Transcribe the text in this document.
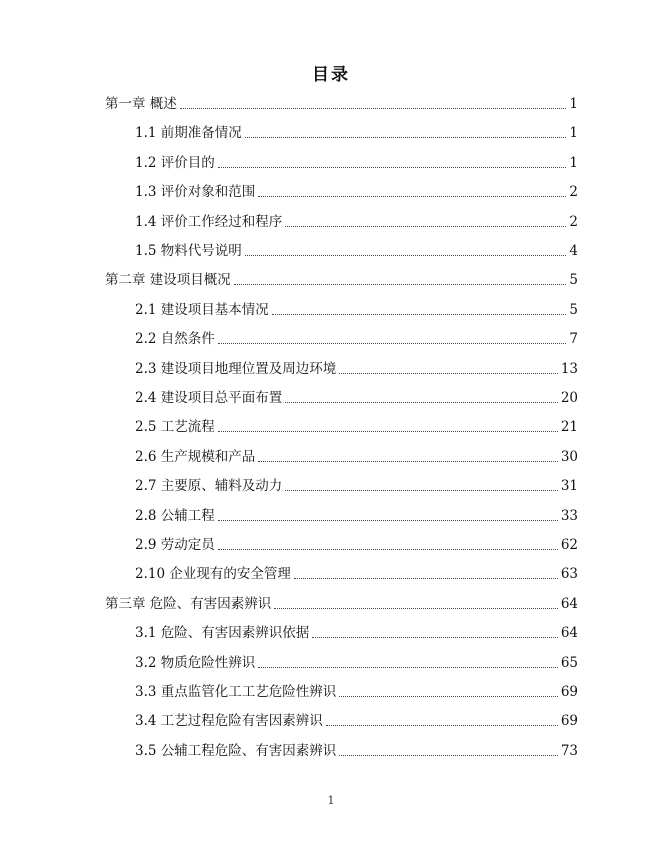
目录
第一章 概述	1
1.1 前期准备情况	1
1.2 评价目的	1
1.3 评价对象和范围	2
1.4 评价工作经过和程序	2
1.5 物料代号说明	4
第二章 建设项目概况	5
2.1 建设项目基本情况	5
2.2 自然条件	7
2.3 建设项目地理位置及周边环境	13
2.4 建设项目总平面布置	20
2.5 工艺流程	21
2.6 生产规模和产品	30
2.7 主要原、辅料及动力	31
2.8 公辅工程	33
2.9 劳动定员	62
2.10 企业现有的安全管理	63
第三章 危险、有害因素辨识	64
3.1 危险、有害因素辨识依据	64
3.2 物质危险性辨识	65
3.3 重点监管化工工艺危险性辨识	69
3.4 工艺过程危险有害因素辨识	69
3.5 公辅工程危险、有害因素辨识	73
1
